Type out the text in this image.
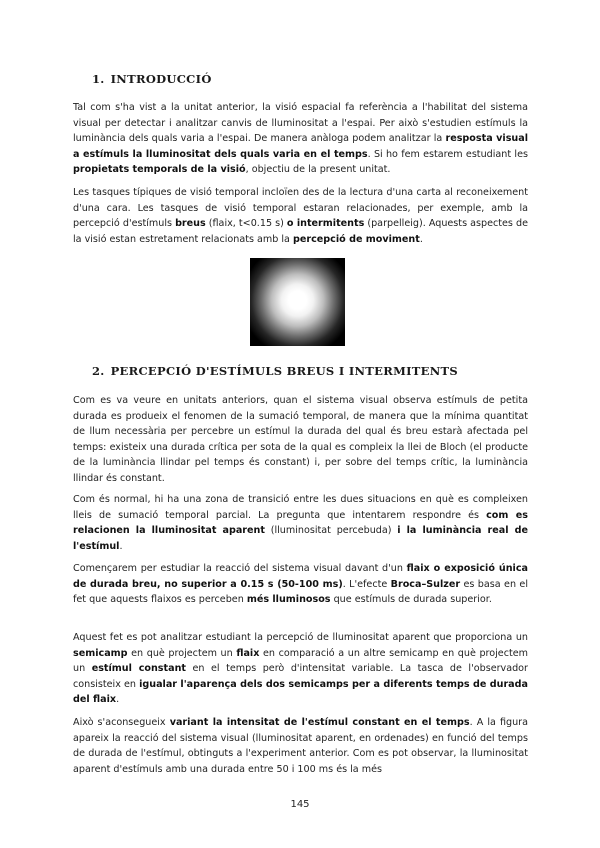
1. INTRODUCCIÓ

Tal com s'ha vist a la unitat anterior, la visió espacial fa referència a l'habilitat del sistema visual per detectar i analitzar canvis de lluminositat a l'espai. Per això s'estudien estímuls la luminància dels quals varia a l'espai. De manera anàloga podem analitzar la resposta visual a estímuls la lluminositat dels quals varia en el temps. Si ho fem estarem estudiant les propietats temporals de la visió, objectiu de la present unitat.

Les tasques típiques de visió temporal incloïen des de la lectura d'una carta al reconeixement d'una cara. Les tasques de visió temporal estaran relacionades, per exemple, amb la percepció d'estímuls breus (flaix, t<0.15 s) o intermitents (parpelleig). Aquests aspectes de la visió estan estretament relacionats amb la percepció de moviment.

2. PERCEPCIÓ D'ESTÍMULS BREUS I INTERMITENTS

Com es va veure en unitats anteriors, quan el sistema visual observa estímuls de petita durada es produeix el fenomen de la sumació temporal, de manera que la mínima quantitat de llum necessària per percebre un estímul la durada del qual és breu estarà afectada pel temps: existeix una durada crítica per sota de la qual es compleix la llei de Bloch (el producte de la luminància llindar pel temps és constant) i, per sobre del temps crític, la luminància llindar és constant.

Com és normal, hi ha una zona de transició entre les dues situacions en què es compleixen lleis de sumació temporal parcial. La pregunta que intentarem respondre és com es relacionen la lluminositat aparent (lluminositat percebuda) i la luminància real de l'estímul.

Començarem per estudiar la reacció del sistema visual davant d'un flaix o exposició única de durada breu, no superior a 0.15 s (50-100 ms). L'efecte Broca–Sulzer es basa en el fet que aquests flaixos es perceben més lluminosos que estímuls de durada superior.

Aquest fet es pot analitzar estudiant la percepció de lluminositat aparent que proporciona un semicamp en què projectem un flaix en comparació a un altre semicamp en què projectem un estímul constant en el temps però d'intensitat variable. La tasca de l'observador consisteix en igualar l'aparença dels dos semicamps per a diferents temps de durada del flaix.

Això s'aconsegueix variant la intensitat de l'estímul constant en el temps. A la figura apareix la reacció del sistema visual (lluminositat aparent, en ordenades) en funció del temps de durada de l'estímul, obtinguts a l'experiment anterior. Com es pot observar, la lluminositat aparent d'estímuls amb una durada entre 50 i 100 ms és la més

145
